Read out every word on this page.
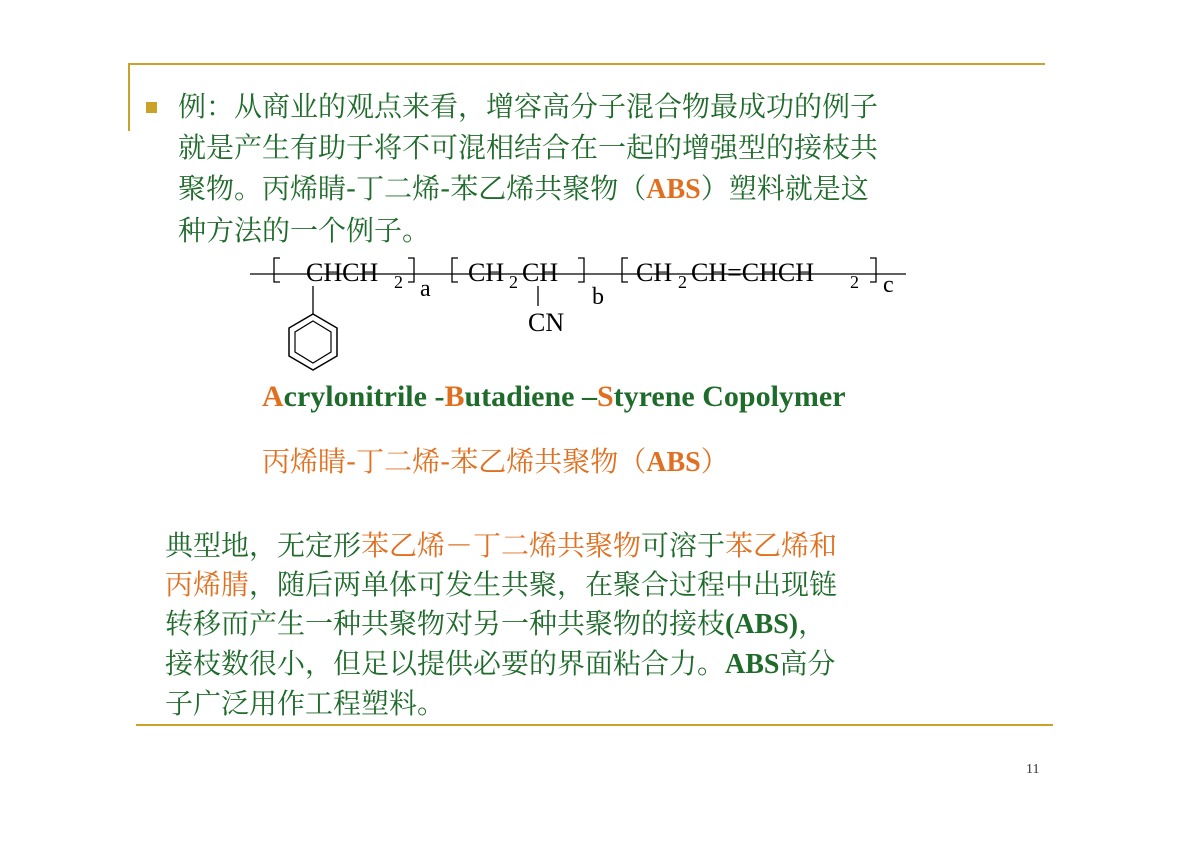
例：从商业的观点来看，增容高分子混合物最成功的例子
就是产生有助于将不可混相结合在一起的增强型的接枝共
聚物。丙烯睛-丁二烯-苯乙烯共聚物（ABS）塑料就是这
种方法的一个例子。

CHCH 2 a
CH 2 CH
b
CN
CH 2 CH=CHCH 2 c

Acrylonitrile -Butadiene –Styrene Copolymer

丙烯睛-丁二烯-苯乙烯共聚物（ABS）

典型地，无定形苯乙烯－丁二烯共聚物可溶于苯乙烯和
丙烯腈，随后两单体可发生共聚，在聚合过程中出现链
转移而产生一种共聚物对另一种共聚物的接枝(ABS)，
接枝数很小，但足以提供必要的界面粘合力。ABS高分
子广泛用作工程塑料。

11
